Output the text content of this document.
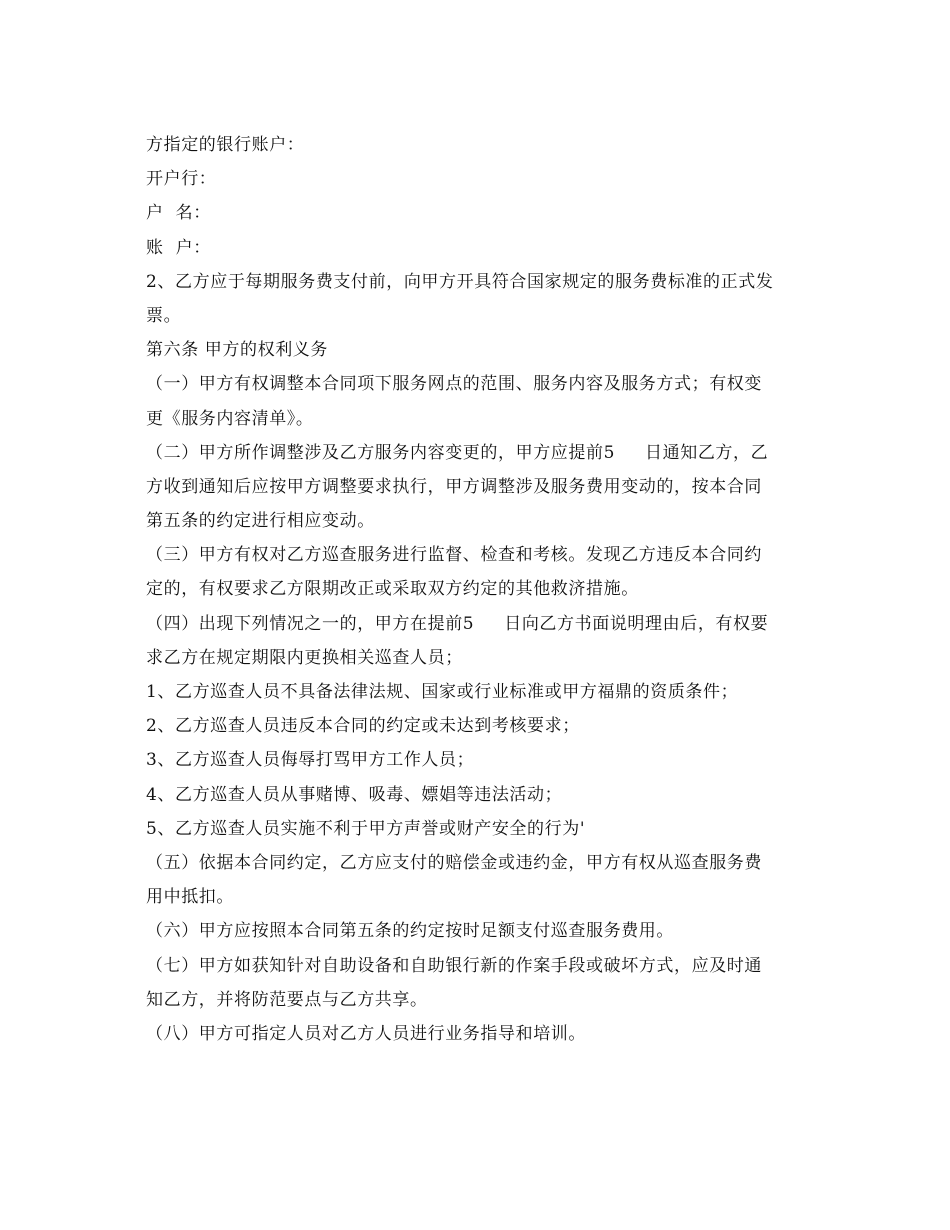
方指定的银行账户：
开户行：
户  名：
账  户：
2、乙方应于每期服务费支付前，向甲方开具符合国家规定的服务费标准的正式发
票。
第六条 甲方的权利义务
（一）甲方有权调整本合同项下服务网点的范围、服务内容及服务方式；有权变
更《服务内容清单》。
（二）甲方所作调整涉及乙方服务内容变更的，甲方应提前5     日通知乙方，乙
方收到通知后应按甲方调整要求执行，甲方调整涉及服务费用变动的，按本合同
第五条的约定进行相应变动。
（三）甲方有权对乙方巡查服务进行监督、检查和考核。发现乙方违反本合同约
定的，有权要求乙方限期改正或采取双方约定的其他救济措施。
（四）出现下列情况之一的，甲方在提前5     日向乙方书面说明理由后，有权要
求乙方在规定期限内更换相关巡查人员；
1、乙方巡查人员不具备法律法规、国家或行业标准或甲方福鼎的资质条件；
2、乙方巡查人员违反本合同的约定或未达到考核要求；
3、乙方巡查人员侮辱打骂甲方工作人员；
4、乙方巡查人员从事赌博、吸毒、嫖娼等违法活动；
5、乙方巡查人员实施不利于甲方声誉或财产安全的行为'
（五）依据本合同约定，乙方应支付的赔偿金或违约金，甲方有权从巡查服务费
用中抵扣。
（六）甲方应按照本合同第五条的约定按时足额支付巡查服务费用。
（七）甲方如获知针对自助设备和自助银行新的作案手段或破坏方式，应及时通
知乙方，并将防范要点与乙方共享。
（八）甲方可指定人员对乙方人员进行业务指导和培训。
